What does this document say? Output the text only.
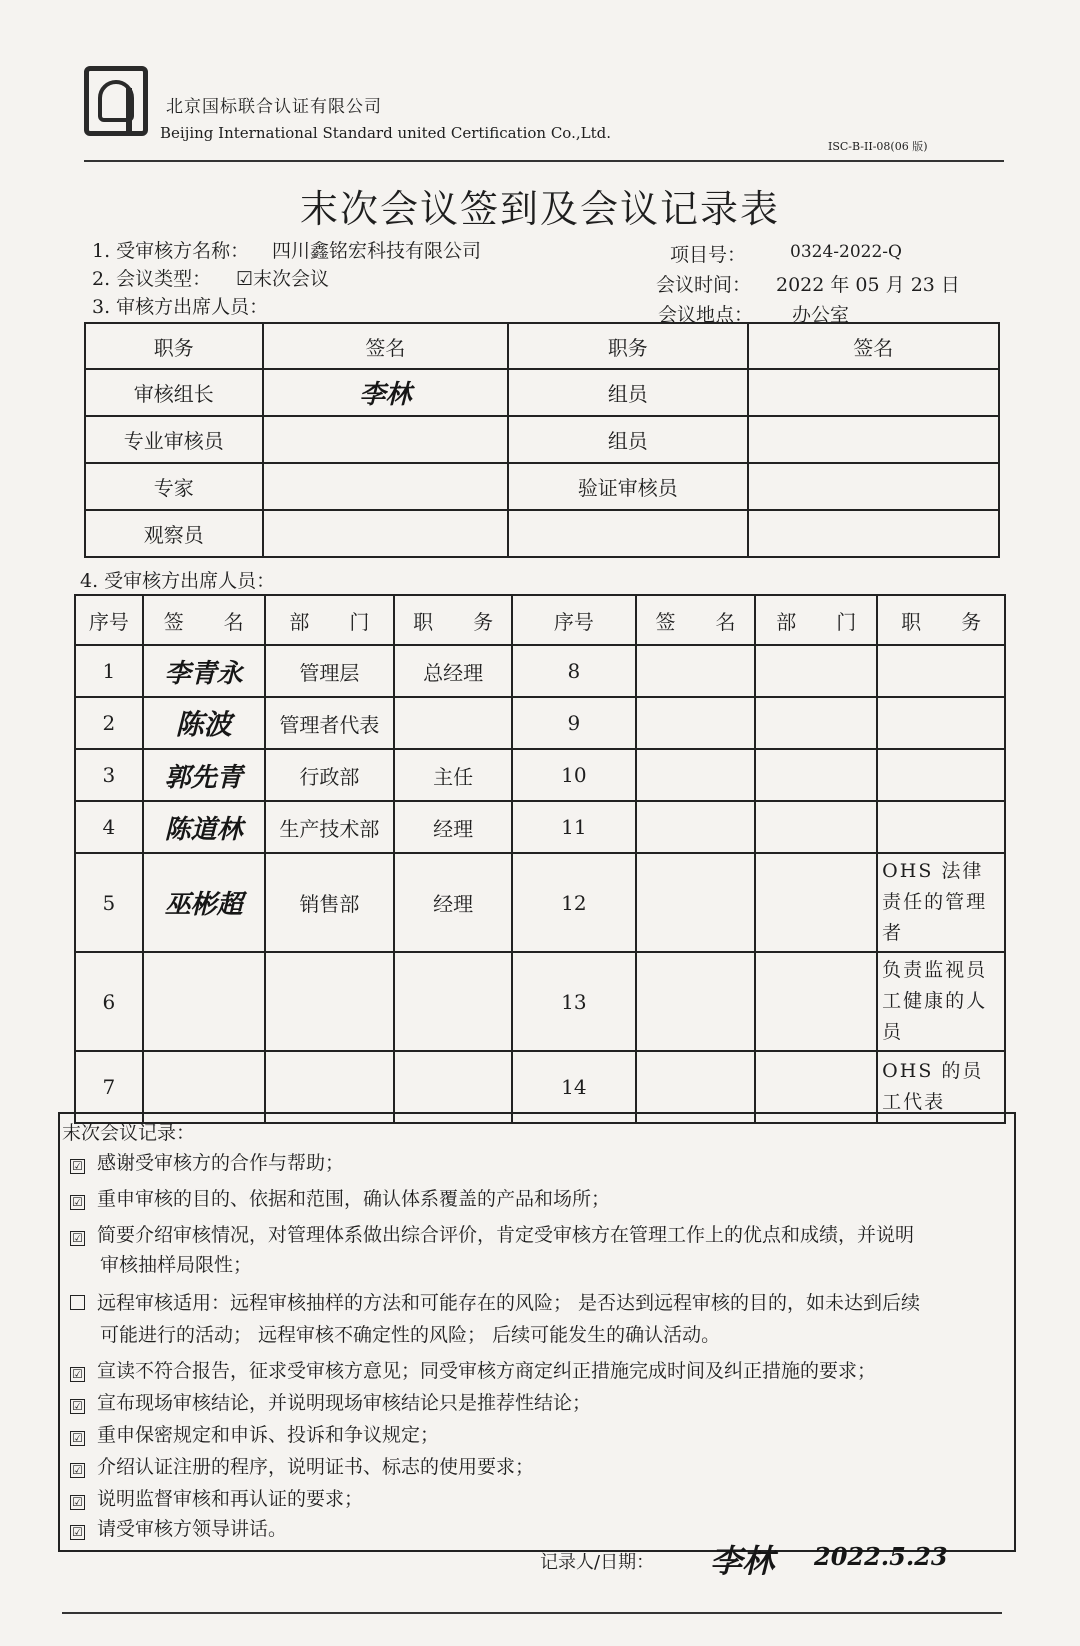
北京国标联合认证有限公司
Beijing International Standard united Certification Co.,Ltd.
ISC-B-II-08(06 版)
末次会议签到及会议记录表
1. 受审核方名称： 四川鑫铭宏科技有限公司	项目号：	0324-2022-Q
2. 会议类型： ☑末次会议	会议时间： 2022 年 05 月 23 日
3. 审核方出席人员：	会议地点： 办公室
职务	签名	职务	签名
审核组长	李林	组员	
专业审核员		组员	
专家		验证审核员	
观察员			
4. 受审核方出席人员：
序号	签　　名	部　　门	职　　务	序号	签　　名	部　　门	职　　务
1	李青永	管理层	总经理	8			
2	陈波	管理者代表		9			
3	郭先青	行政部	主任	10			
4	陈道林	生产技术部	经理	11			
5	巫彬超	销售部	经理	12			OHS 法律责任的管理者
6				13			负责监视员工健康的人员
7				14			OHS 的员工代表
末次会议记录：
☑ 感谢受审核方的合作与帮助；
☑ 重申审核的目的、依据和范围，确认体系覆盖的产品和场所；
☑ 简要介绍审核情况，对管理体系做出综合评价，肯定受审核方在管理工作上的优点和成绩，并说明
审核抽样局限性；
远程审核适用：远程审核抽样的方法和可能存在的风险； 是否达到远程审核的目的，如未达到后续
可能进行的活动； 远程审核不确定性的风险； 后续可能发生的确认活动。
☑ 宣读不符合报告，征求受审核方意见；同受审核方商定纠正措施完成时间及纠正措施的要求；
☑ 宣布现场审核结论，并说明现场审核结论只是推荐性结论；
☑ 重申保密规定和申诉、投诉和争议规定；
☑ 介绍认证注册的程序，说明证书、标志的使用要求；
☑ 说明监督审核和再认证的要求；
☑ 请受审核方领导讲话。
记录人/日期： 李林 2022.5.23
